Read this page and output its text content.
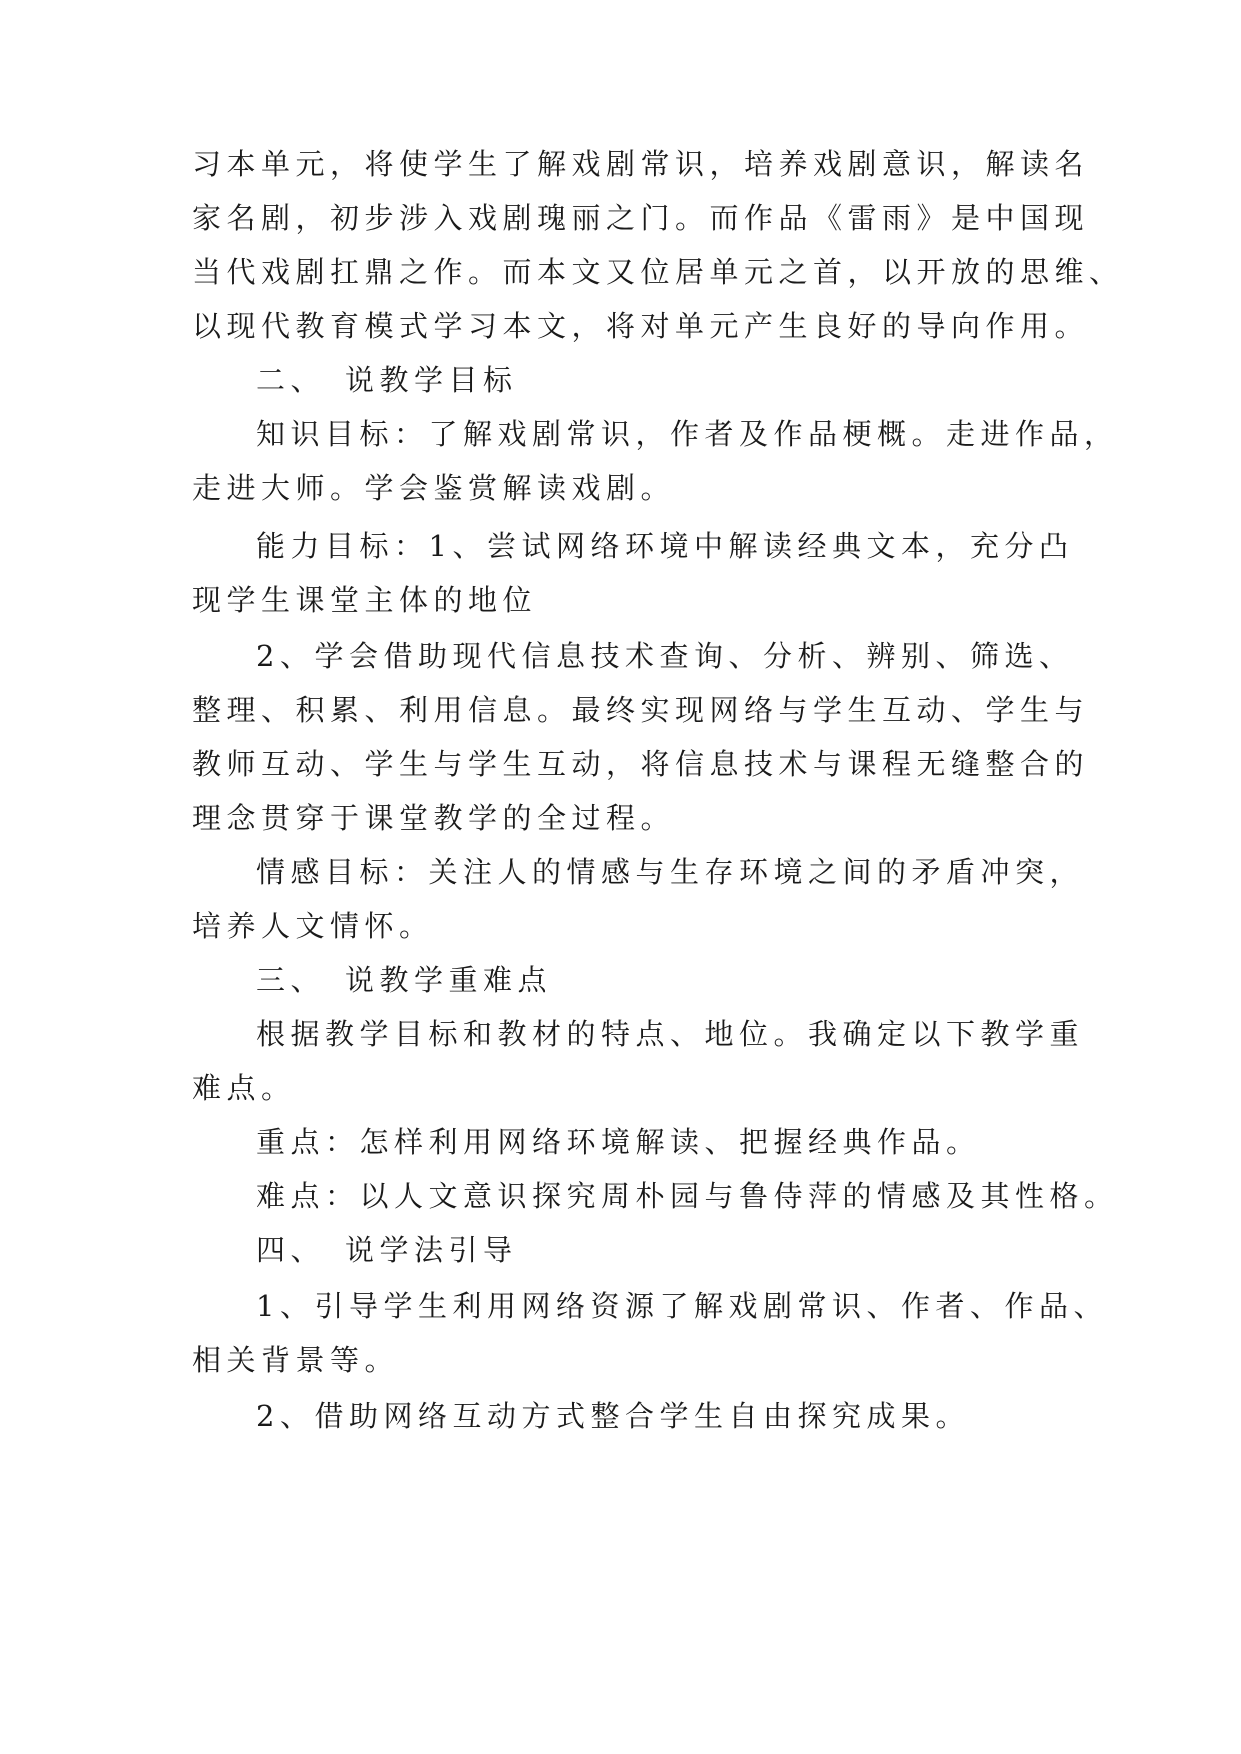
习本单元，将使学生了解戏剧常识，培养戏剧意识，解读名
家名剧，初步涉入戏剧瑰丽之门。而作品《雷雨》是中国现
当代戏剧扛鼎之作。而本文又位居单元之首，以开放的思维、
以现代教育模式学习本文，将对单元产生良好的导向作用。
二、　说教学目标
知识目标：了解戏剧常识，作者及作品梗概。走进作品，
走进大师。学会鉴赏解读戏剧。
能力目标：1、尝试网络环境中解读经典文本，充分凸
现学生课堂主体的地位
2、学会借助现代信息技术查询、分析、辨别、筛选、
整理、积累、利用信息。最终实现网络与学生互动、学生与
教师互动、学生与学生互动，将信息技术与课程无缝整合的
理念贯穿于课堂教学的全过程。
情感目标：关注人的情感与生存环境之间的矛盾冲突，
培养人文情怀。
三、　说教学重难点
根据教学目标和教材的特点、地位。我确定以下教学重
难点。
重点：怎样利用网络环境解读、把握经典作品。
难点：以人文意识探究周朴园与鲁侍萍的情感及其性格。
四、　说学法引导
1、引导学生利用网络资源了解戏剧常识、作者、作品、
相关背景等。
2、借助网络互动方式整合学生自由探究成果。
